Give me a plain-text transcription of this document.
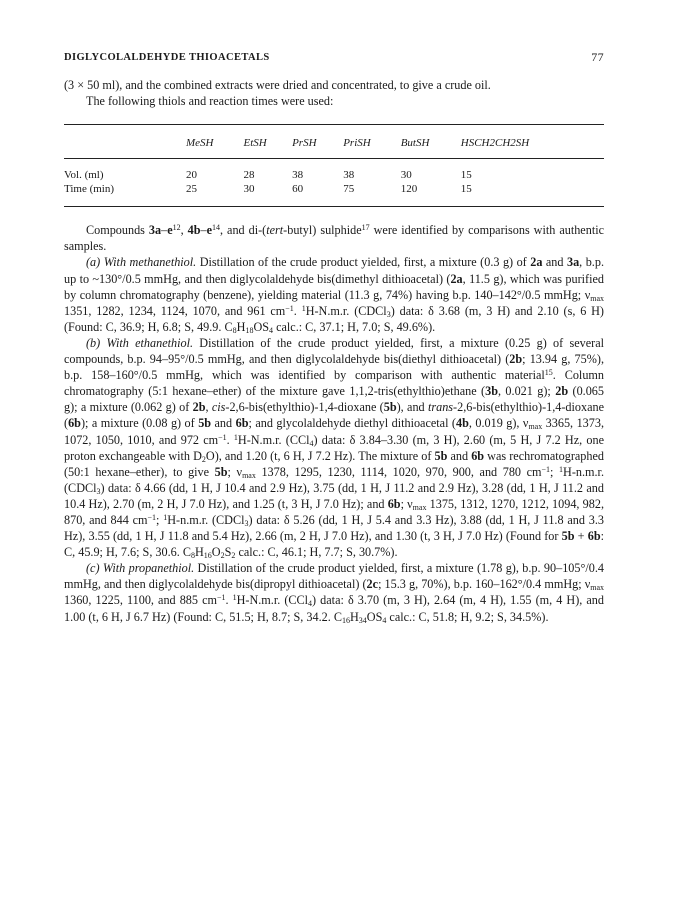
DIGLYCOLALDEHYDE THIOACETALS	77

(3 × 50 ml), and the combined extracts were dried and concentrated, to give a crude oil.

The following thiols and reaction times were used:

	MeSH	EtSH	PrSH	PriSH	ButSH	HSCH2CH2SH
Vol. (ml)	20	28	38	38	30	15
Time (min)	25	30	60	75	120	15

Compounds $3a-e^{12}$, $4b-e^{14}$, and di-(tert-butyl) sulphide$^{17}$ were identified by comparisons with authentic samples.

(a) With methanethiol. Distillation of the crude product yielded, first, a mixture (0.3 g) of 2a and 3a, b.p. up to ~130°/0.5 mmHg, and then diglycolaldehyde bis(dimethyl dithioacetal) (2a, 11.5 g), which was purified by column chromatography (benzene), yielding material (11.3 g, 74%) having b.p. 140–142°/0.5 mmHg; $\nu_{max}$ 1351, 1282, 1234, 1124, 1070, and 961 $cm^{-1}$. $^1$H-N.m.r. (CDCl$_3$) data: δ 3.68 (m, 3 H) and 2.10 (s, 6 H) (Found: C, 36.9; H, 6.8; S, 49.9. $C_8H_{18}OS_4$ calc.: C, 37.1; H, 7.0; S, 49.6%).

(b) With ethanethiol. Distillation of the crude product yielded, first, a mixture (0.25 g) of several compounds, b.p. 94–95°/0.5 mmHg, and then diglycolaldehyde bis(diethyl dithioacetal) (2b; 13.94 g, 75%), b.p. 158–160°/0.5 mmHg, which was identified by comparison with authentic material$^{15}$. Column chromatography (5:1 hexane–ether) of the mixture gave 1,1,2-tris(ethylthio)ethane (3b, 0.021 g); 2b (0.065 g); a mixture (0.062 g) of 2b, cis-2,6-bis(ethylthio)-1,4-dioxane (5b), and trans-2,6-bis(ethylthio)-1,4-dioxane (6b); a mixture (0.08 g) of 5b and 6b; and glycolaldehyde diethyl dithioacetal (4b, 0.019 g), $\nu_{max}$ 3365, 1373, 1072, 1050, 1010, and 972 $cm^{-1}$. $^1$H-N.m.r. (CCl$_4$) data: δ 3.84–3.30 (m, 3 H), 2.60 (m, 5 H, J 7.2 Hz, one proton exchangeable with $D_2O$), and 1.20 (t, 6 H, J 7.2 Hz). The mixture of 5b and 6b was rechromatographed (50:1 hexane–ether), to give 5b; $\nu_{max}$ 1378, 1295, 1230, 1114, 1020, 970, 900, and 780 $cm^{-1}$; $^1$H-n.m.r. (CDCl$_3$) data: δ 4.66 (dd, 1 H, J 10.4 and 2.9 Hz), 3.75 (dd, 1 H, J 11.2 and 2.9 Hz), 3.28 (dd, 1 H, J 11.2 and 10.4 Hz), 2.70 (m, 2 H, J 7.0 Hz), and 1.25 (t, 3 H, J 7.0 Hz); and 6b; $\nu_{max}$ 1375, 1312, 1270, 1212, 1094, 982, 870, and 844 $cm^{-1}$; $^1$H-n.m.r. (CDCl$_3$) data: δ 5.26 (dd, 1 H, J 5.4 and 3.3 Hz), 3.88 (dd, 1 H, J 11.8 and 3.3 Hz), 3.55 (dd, 1 H, J 11.8 and 5.4 Hz), 2.66 (m, 2 H, J 7.0 Hz), and 1.30 (t, 3 H, J 7.0 Hz) (Found for 5b + 6b: C, 45.9; H, 7.6; S, 30.6. $C_8H_{16}O_2S_2$ calc.: C, 46.1; H, 7.7; S, 30.7%).

(c) With propanethiol. Distillation of the crude product yielded, first, a mixture (1.78 g), b.p. 90–105°/0.4 mmHg, and then diglycolaldehyde bis(dipropyl dithioacetal) (2c; 15.3 g, 70%), b.p. 160–162°/0.4 mmHg; $\nu_{max}$ 1360, 1225, 1100, and 885 $cm^{-1}$. $^1$H-N.m.r. (CCl$_4$) data: δ 3.70 (m, 3 H), 2.64 (m, 4 H), 1.55 (m, 4 H), and 1.00 (t, 6 H, J 6.7 Hz) (Found: C, 51.5; H, 8.7; S, 34.2. $C_{16}H_{34}OS_4$ calc.: C, 51.8; H, 9.2; S, 34.5%).
